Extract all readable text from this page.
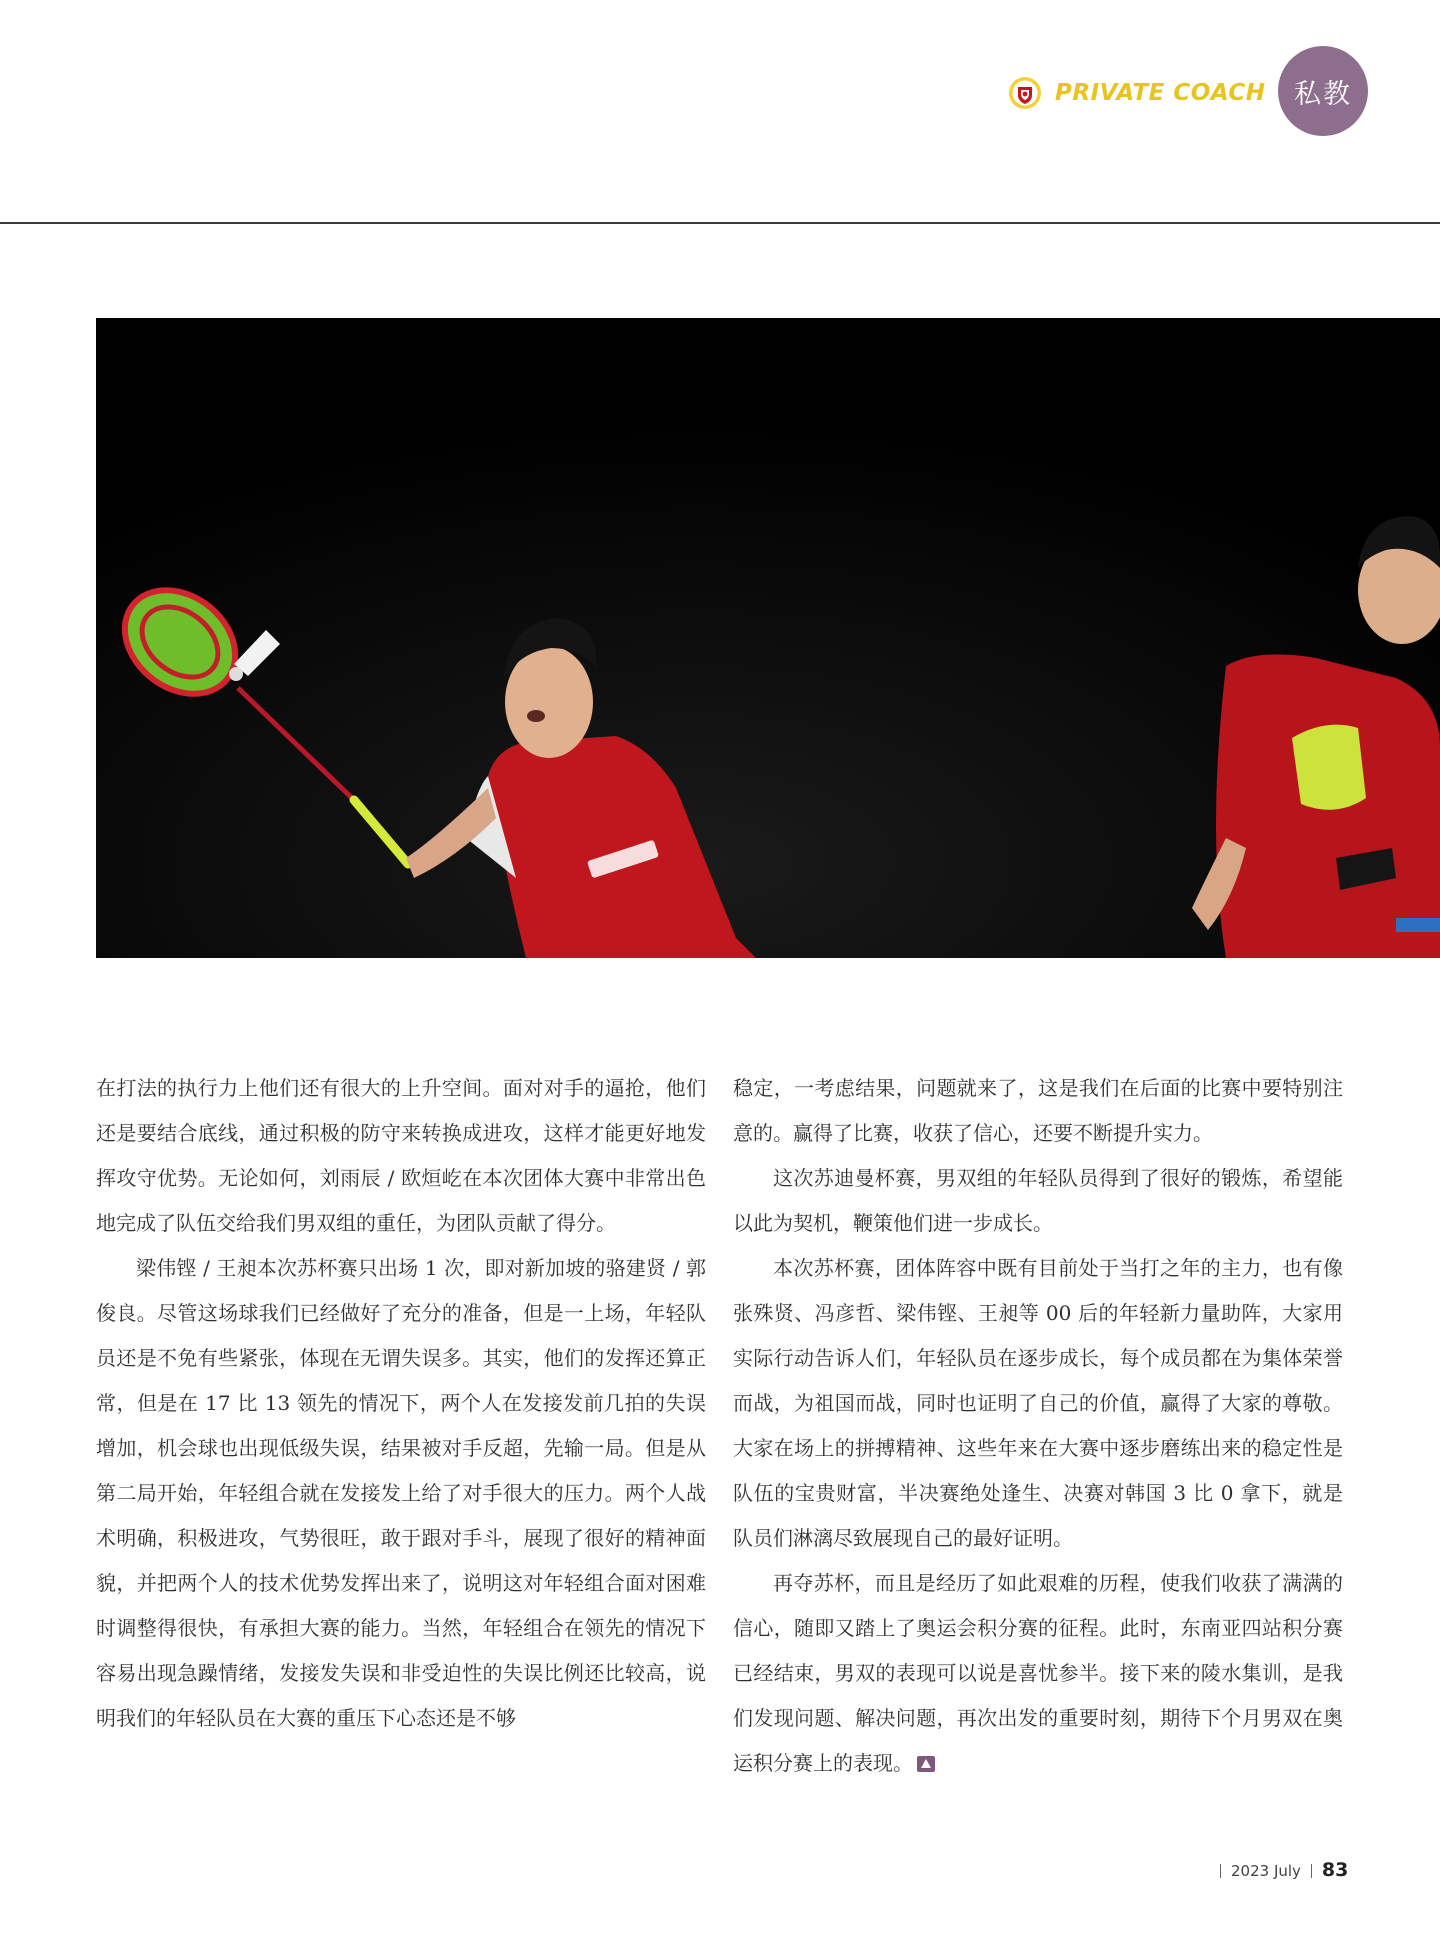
PRIVATE COACH	私教

在打法的执行力上他们还有很大的上升空间。面对对手的逼抢，他们还是要结合底线，通过积极的防守来转换成进攻，这样才能更好地发挥攻守优势。无论如何，刘雨辰 / 欧烜屹在本次团体大赛中非常出色地完成了队伍交给我们男双组的重任，为团队贡献了得分。

梁伟铿 / 王昶本次苏杯赛只出场 1 次，即对新加坡的骆建贤 / 郭俊良。尽管这场球我们已经做好了充分的准备，但是一上场，年轻队员还是不免有些紧张，体现在无谓失误多。其实，他们的发挥还算正常，但是在 17 比 13 领先的情况下，两个人在发接发前几拍的失误增加，机会球也出现低级失误，结果被对手反超，先输一局。但是从第二局开始，年轻组合就在发接发上给了对手很大的压力。两个人战术明确，积极进攻，气势很旺，敢于跟对手斗，展现了很好的精神面貌，并把两个人的技术优势发挥出来了，说明这对年轻组合面对困难时调整得很快，有承担大赛的能力。当然，年轻组合在领先的情况下容易出现急躁情绪，发接发失误和非受迫性的失误比例还比较高，说明我们的年轻队员在大赛的重压下心态还是不够

稳定，一考虑结果，问题就来了，这是我们在后面的比赛中要特别注意的。赢得了比赛，收获了信心，还要不断提升实力。

这次苏迪曼杯赛，男双组的年轻队员得到了很好的锻炼，希望能以此为契机，鞭策他们进一步成长。

本次苏杯赛，团体阵容中既有目前处于当打之年的主力，也有像张殊贤、冯彦哲、梁伟铿、王昶等 00 后的年轻新力量助阵，大家用实际行动告诉人们，年轻队员在逐步成长，每个成员都在为集体荣誉而战，为祖国而战，同时也证明了自己的价值，赢得了大家的尊敬。大家在场上的拼搏精神、这些年来在大赛中逐步磨练出来的稳定性是队伍的宝贵财富，半决赛绝处逢生、决赛对韩国 3 比 0 拿下，就是队员们淋漓尽致展现自己的最好证明。

再夺苏杯，而且是经历了如此艰难的历程，使我们收获了满满的信心，随即又踏上了奥运会积分赛的征程。此时，东南亚四站积分赛已经结束，男双的表现可以说是喜忧参半。接下来的陵水集训，是我们发现问题、解决问题，再次出发的重要时刻，期待下个月男双在奥运积分赛上的表现。

2023 July 83
